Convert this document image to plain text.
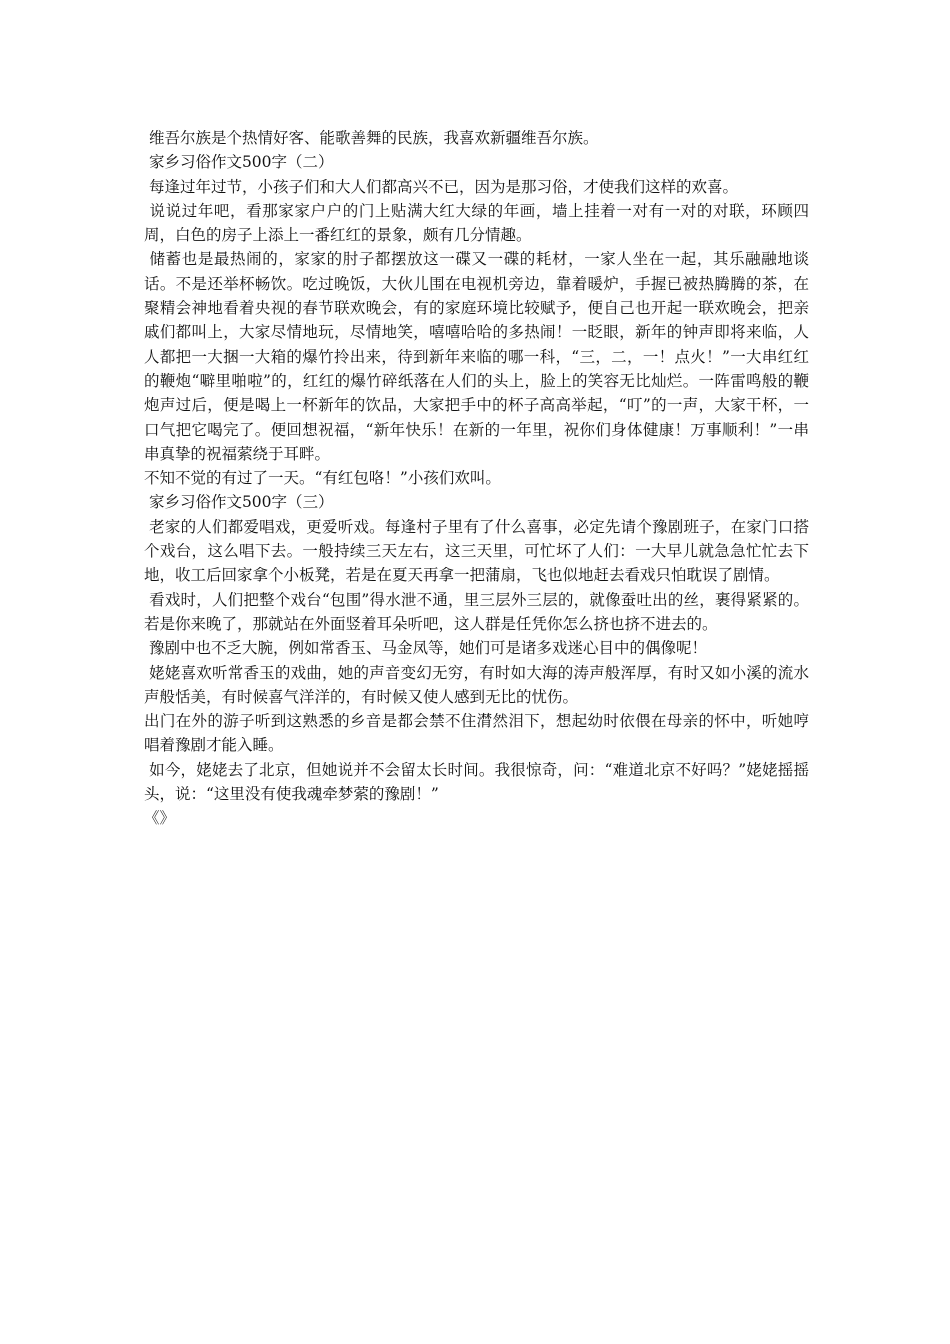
维吾尔族是个热情好客、能歌善舞的民族，我喜欢新疆维吾尔族。

家乡习俗作文500字（二）

每逢过年过节，小孩子们和大人们都高兴不已，因为是那习俗，才使我们这样的欢喜。

说说过年吧，看那家家户户的门上贴满大红大绿的年画，墙上挂着一对有一对的对联，环顾四周，白色的房子上添上一番红红的景象，颇有几分情趣。

储蓄也是最热闹的，家家的肘子都摆放这一碟又一碟的耗材，一家人坐在一起，其乐融融地谈话。不是还举杯畅饮。吃过晚饭，大伙儿围在电视机旁边，靠着暖炉，手握已被热腾腾的茶，在聚精会神地看着央视的春节联欢晚会，有的家庭环境比较赋予，便自己也开起一联欢晚会，把亲戚们都叫上，大家尽情地玩，尽情地笑，嘻嘻哈哈的多热闹！一眨眼，新年的钟声即将来临，人人都把一大捆一大箱的爆竹拎出来，待到新年来临的哪一科，“三，二，一！点火！”一大串红红的鞭炮“噼里啪啦”的，红红的爆竹碎纸落在人们的头上，脸上的笑容无比灿烂。一阵雷鸣般的鞭炮声过后，便是喝上一杯新年的饮品，大家把手中的杯子高高举起，“叮”的一声，大家干杯，一口气把它喝完了。便回想祝福，“新年快乐！在新的一年里，祝你们身体健康！万事顺利！”一串串真挚的祝福萦绕于耳畔。

不知不觉的有过了一天。“有红包咯！”小孩们欢叫。

家乡习俗作文500字（三）

老家的人们都爱唱戏，更爱听戏。每逢村子里有了什么喜事，必定先请个豫剧班子，在家门口搭个戏台，这么唱下去。一般持续三天左右，这三天里，可忙坏了人们：一大早儿就急急忙忙去下地，收工后回家拿个小板凳，若是在夏天再拿一把蒲扇，飞也似地赶去看戏只怕耽误了剧情。

看戏时，人们把整个戏台“包围”得水泄不通，里三层外三层的，就像蚕吐出的丝，裹得紧紧的。若是你来晚了，那就站在外面竖着耳朵听吧，这人群是任凭你怎么挤也挤不进去的。

豫剧中也不乏大腕，例如常香玉、马金凤等，她们可是诸多戏迷心目中的偶像呢！

姥姥喜欢听常香玉的戏曲，她的声音变幻无穷，有时如大海的涛声般浑厚，有时又如小溪的流水声般恬美，有时候喜气洋洋的，有时候又使人感到无比的忧伤。

出门在外的游子听到这熟悉的乡音是都会禁不住潸然泪下，想起幼时依偎在母亲的怀中，听她哼唱着豫剧才能入睡。

如今，姥姥去了北京，但她说并不会留太长时间。我很惊奇，问：“难道北京不好吗？”姥姥摇摇头，说：“这里没有使我魂牵梦萦的豫剧！”

《》
